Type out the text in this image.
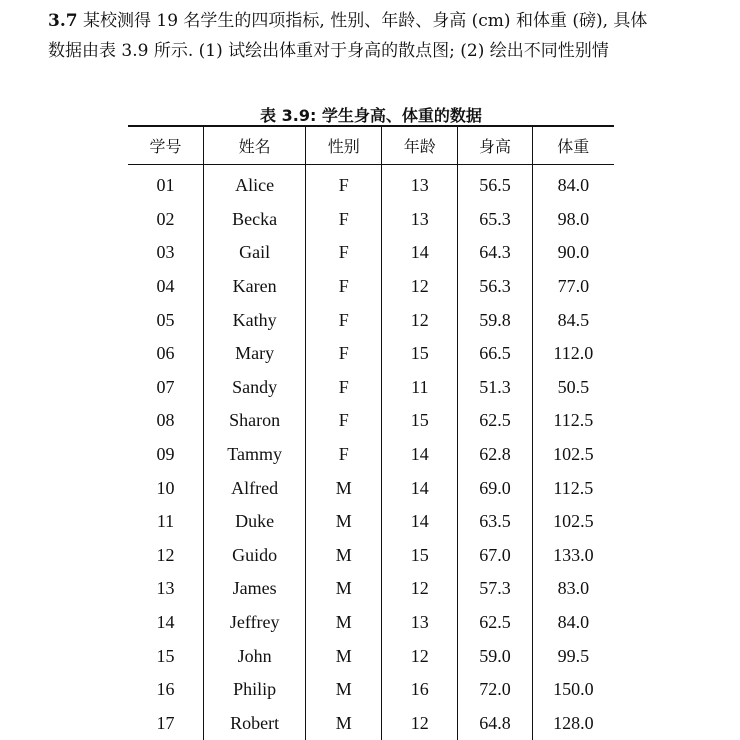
3.7 某校测得 19 名学生的四项指标, 性别、年龄、身高 (cm) 和体重 (磅), 具体
数据由表 3.9 所示. (1) 试绘出体重对于身高的散点图; (2) 绘出不同性别情
表 3.9: 学生身高、体重的数据
学号	姓名	性别	年龄	身高	体重
01	Alice	F	13	56.5	84.0
02	Becka	F	13	65.3	98.0
03	Gail	F	14	64.3	90.0
04	Karen	F	12	56.3	77.0
05	Kathy	F	12	59.8	84.5
06	Mary	F	15	66.5	112.0
07	Sandy	F	11	51.3	50.5
08	Sharon	F	15	62.5	112.5
09	Tammy	F	14	62.8	102.5
10	Alfred	M	14	69.0	112.5
11	Duke	M	14	63.5	102.5
12	Guido	M	15	67.0	133.0
13	James	M	12	57.3	83.0
14	Jeffrey	M	13	62.5	84.0
15	John	M	12	59.0	99.5
16	Philip	M	16	72.0	150.0
17	Robert	M	12	64.8	128.0
